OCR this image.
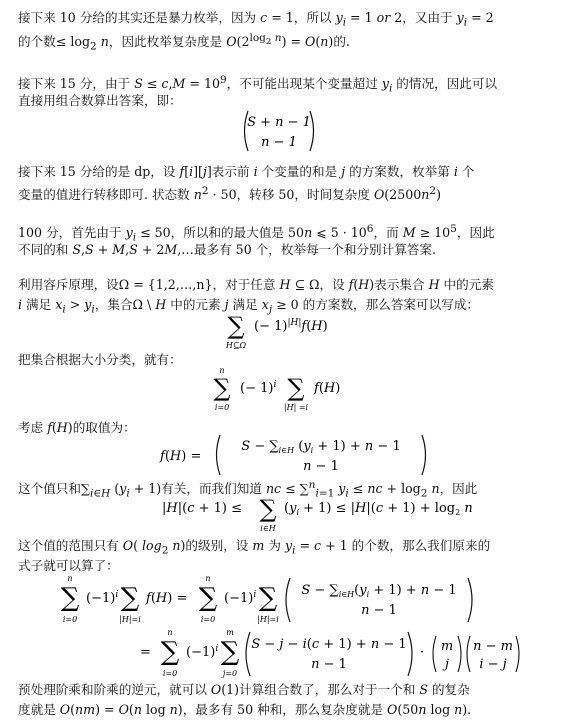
接下来 10 分给的其实还是暴力枚举，因为 c = 1，所以 $y_i = 1$ or 2，又由于 $y_i = 2$
的个数≤ $\log_2 n$，因此枚举复杂度是 $O(2^{log_2 n}) = O(n)$的.
接下来 15 分，由于 $S \le c,M = 10^9$，不可能出现某个变量超过 $y_i$ 的情况，因此可以
直接用组合数算出答案，即：
S + n − 1
n − 1
接下来 15 分给的是 dp，设 f[i][j]表示前 i 个变量的和是 j 的方案数，枚举第 i 个
变量的值进行转移即可. 状态数 $n^2 \cdot 50$，转移 50，时间复杂度 $O(2500n^2)$
100 分，首先由于 $y_i \le 50$，所以和的最大值是 50n ⩽ $5 \cdot 10^6$，而 $M \ge 10^5$，因此
不同的和 S,S + M,S + 2M,…最多有 50 个，枚举每一个和分别计算答案.
利用容斥原理，设Ω = {1,2,…,n}，对于任意 H ⊆ Ω，设 f(H)表示集合 H 中的元素
i 满足 $x_i > y_i$，集合Ω \ H 中的元素 j 满足 $x_j \ge 0$ 的方案数，那么答案可以写成：
∑
H⊆Ω
(− 1)$^{|H|}$f(H)
把集合根据大小分类，就有：
n
∑
i=0
(− 1)$^i$ ∑
|H| =i
f(H)
考虑 f(H)的取值为：
f(H) =
$S - \sum_{i\in H}$ $(y_i + 1) + n - 1$
n − 1
这个值只和$\sum_{i\in H}$ $(y_i + 1)$有关，而我们知道 nc ≤ ∑$^n_{i=1}$ $y_i$ ≤ nc + $\log_2 n$，因此
|H|(c + 1) ≤ ∑
i∈H
$(y_i + 1) \le |H|(c + 1) + \log_2 n$
这个值的范围只有 O( $\log_2 n$)的级别，设 m 为 $y_i = c + 1$ 的个数，那么我们原来的
式子就可以算了：
n
∑
i=0
$(-1)^i$ ∑
|H|=i
f(H) =
n
∑
i=0
$(-1)^i$ ∑
|H|=i
$S - \sum_{i\in H}(y_i + 1) + n - 1$
n − 1
=
n
∑
i=0
$(-1)^i$
m
∑
j=0
S − j − i(c + 1) + n − 1
n − 1
· m
j
n − m
i − j
预处理阶乘和阶乘的逆元，就可以 O(1)计算组合数了，那么对于一个和 S 的复杂
度就是 O(nm) = O(n log n)，最多有 50 种和，那么复杂度就是 O(50n log n).
